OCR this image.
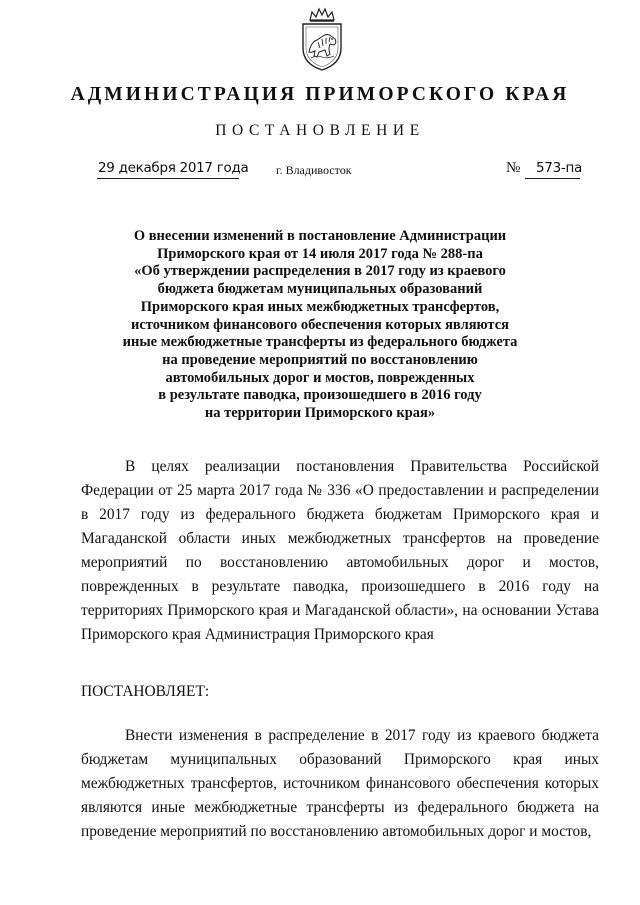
АДМИНИСТРАЦИЯ ПРИМОРСКОГО КРАЯ
ПОСТАНОВЛЕНИЕ
29 декабря 2017 года г. Владивосток	№ 573-па
О внесении изменений в постановление Администрации
Приморского края от 14 июля 2017 года № 288-па
«Об утверждении распределения в 2017 году из краевого
бюджета бюджетам муниципальных образований
Приморского края иных межбюджетных трансфертов,
источником финансового обеспечения которых являются
иные межбюджетные трансферты из федерального бюджета
на проведение мероприятий по восстановлению
автомобильных дорог и мостов, поврежденных
в результате паводка, произошедшего в 2016 году
на территории Приморского края»

В целях реализации постановления Правительства Российской Федерации от 25 марта 2017 года № 336 «О предоставлении и распределении в 2017 году из федерального бюджета бюджетам Приморского края и Магаданской области иных межбюджетных трансфертов на проведение мероприятий по восстановлению автомобильных дорог и мостов, поврежденных в результате паводка, произошедшего в 2016 году на территориях Приморского края и Магаданской области», на основании Устава Приморского края Администрация Приморского края

ПОСТАНОВЛЯЕТ:

Внести изменения в распределение в 2017 году из краевого бюджета бюджетам муниципальных образований Приморского края иных межбюджетных трансфертов, источником финансового обеспечения которых являются иные межбюджетные трансферты из федерального бюджета на проведение мероприятий по восстановлению автомобильных дорог и мостов,
